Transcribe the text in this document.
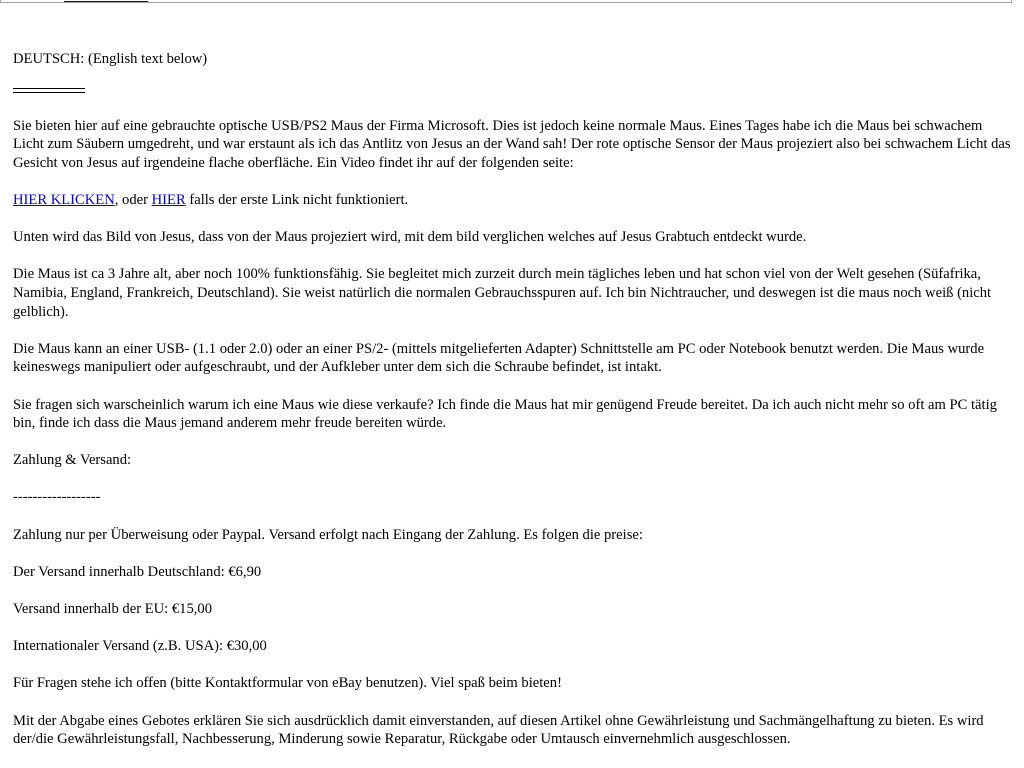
DEUTSCH: (English text below)

Sie bieten hier auf eine gebrauchte optische USB/PS2 Maus der Firma Microsoft. Dies ist jedoch keine normale Maus. Eines Tages habe ich die Maus bei schwachem Licht zum Säubern umgedreht, und war erstaunt als ich das Antlitz von Jesus an der Wand sah! Der rote optische Sensor der Maus projeziert also bei schwachem Licht das Gesicht von Jesus auf irgendeine flache oberfläche. Ein Video findet ihr auf der folgenden seite:

HIER KLICKEN, oder HIER falls der erste Link nicht funktioniert.

Unten wird das Bild von Jesus, dass von der Maus projeziert wird, mit dem bild verglichen welches auf Jesus Grabtuch entdeckt wurde.

Die Maus ist ca 3 Jahre alt, aber noch 100% funktionsfähig. Sie begleitet mich zurzeit durch mein tägliches leben und hat schon viel von der Welt gesehen (Süfafrika, Namibia, England, Frankreich, Deutschland). Sie weist natürlich die normalen Gebrauchsspuren auf. Ich bin Nichtraucher, und deswegen ist die maus noch weiß (nicht gelblich).

Die Maus kann an einer USB- (1.1 oder 2.0) oder an einer PS/2- (mittels mitgelieferten Adapter) Schnittstelle am PC oder Notebook benutzt werden. Die Maus wurde keineswegs manipuliert oder aufgeschraubt, und der Aufkleber unter dem sich die Schraube befindet, ist intakt.

Sie fragen sich warscheinlich warum ich eine Maus wie diese verkaufe? Ich finde die Maus hat mir genügend Freude bereitet. Da ich auch nicht mehr so oft am PC tätig bin, finde ich dass die Maus jemand anderem mehr freude bereiten würde.

Zahlung & Versand:

------------------

Zahlung nur per Überweisung oder Paypal. Versand erfolgt nach Eingang der Zahlung. Es folgen die preise:

Der Versand innerhalb Deutschland: €6,90

Versand innerhalb der EU: €15,00

Internationaler Versand (z.B. USA): €30,00

Für Fragen stehe ich offen (bitte Kontaktformular von eBay benutzen). Viel spaß beim bieten!

Mit der Abgabe eines Gebotes erklären Sie sich ausdrücklich damit einverstanden, auf diesen Artikel ohne Gewährleistung und Sachmängelhaftung zu bieten. Es wird der/die Gewährleistungsfall, Nachbesserung, Minderung sowie Reparatur, Rückgabe oder Umtausch einvernehmlich ausgeschlossen.
